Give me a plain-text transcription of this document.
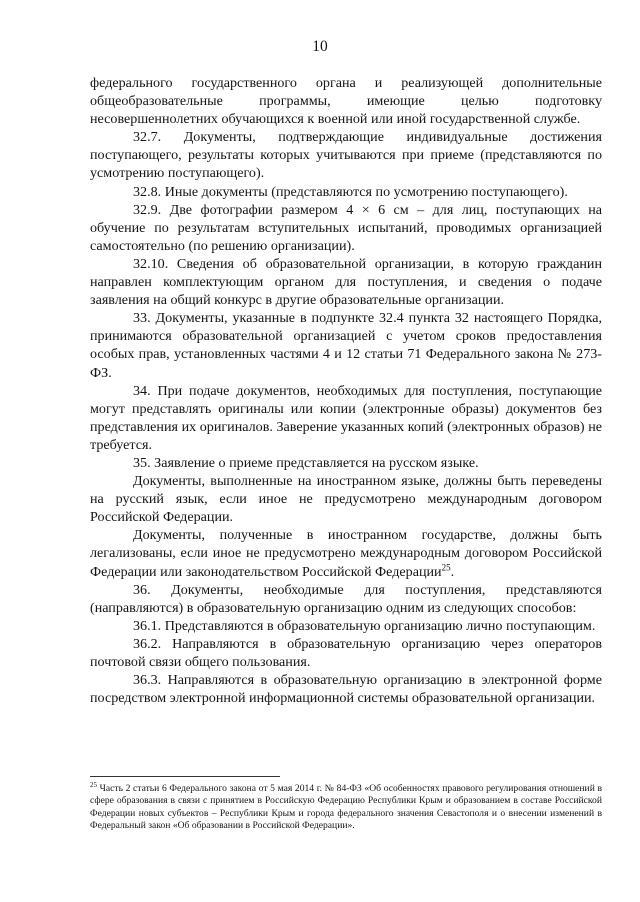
10

федерального государственного органа и реализующей дополнительные общеобразовательные программы, имеющие целью подготовку несовершеннолетних обучающихся к военной или иной государственной службе.

32.7. Документы, подтверждающие индивидуальные достижения поступающего, результаты которых учитываются при приеме (представляются по усмотрению поступающего).

32.8. Иные документы (представляются по усмотрению поступающего).

32.9. Две фотографии размером 4 × 6 см – для лиц, поступающих на обучение по результатам вступительных испытаний, проводимых организацией самостоятельно (по решению организации).

32.10. Сведения об образовательной организации, в которую гражданин направлен комплектующим органом для поступления, и сведения о подаче заявления на общий конкурс в другие образовательные организации.

33. Документы, указанные в подпункте 32.4 пункта 32 настоящего Порядка, принимаются образовательной организацией с учетом сроков предоставления особых прав, установленных частями 4 и 12 статьи 71 Федерального закона № 273-ФЗ.

34. При подаче документов, необходимых для поступления, поступающие могут представлять оригиналы или копии (электронные образы) документов без представления их оригиналов. Заверение указанных копий (электронных образов) не требуется.

35. Заявление о приеме представляется на русском языке.

Документы, выполненные на иностранном языке, должны быть переведены на русский язык, если иное не предусмотрено международным договором Российской Федерации.

Документы, полученные в иностранном государстве, должны быть легализованы, если иное не предусмотрено международным договором Российской Федерации или законодательством Российской Федерации$^{25}$.

36. Документы, необходимые для поступления, представляются (направляются) в образовательную организацию одним из следующих способов:

36.1. Представляются в образовательную организацию лично поступающим.

36.2. Направляются в образовательную организацию через операторов почтовой связи общего пользования.

36.3. Направляются в образовательную организацию в электронной форме посредством электронной информационной системы образовательной организации.

$^{25}$ Часть 2 статьи 6 Федерального закона от 5 мая 2014 г. № 84-ФЗ «Об особенностях правового регулирования отношений в сфере образования в связи с принятием в Российскую Федерацию Республики Крым и образованием в составе Российской Федерации новых субъектов – Республики Крым и города федерального значения Севастополя и о внесении изменений в Федеральный закон «Об образовании в Российской Федерации».
